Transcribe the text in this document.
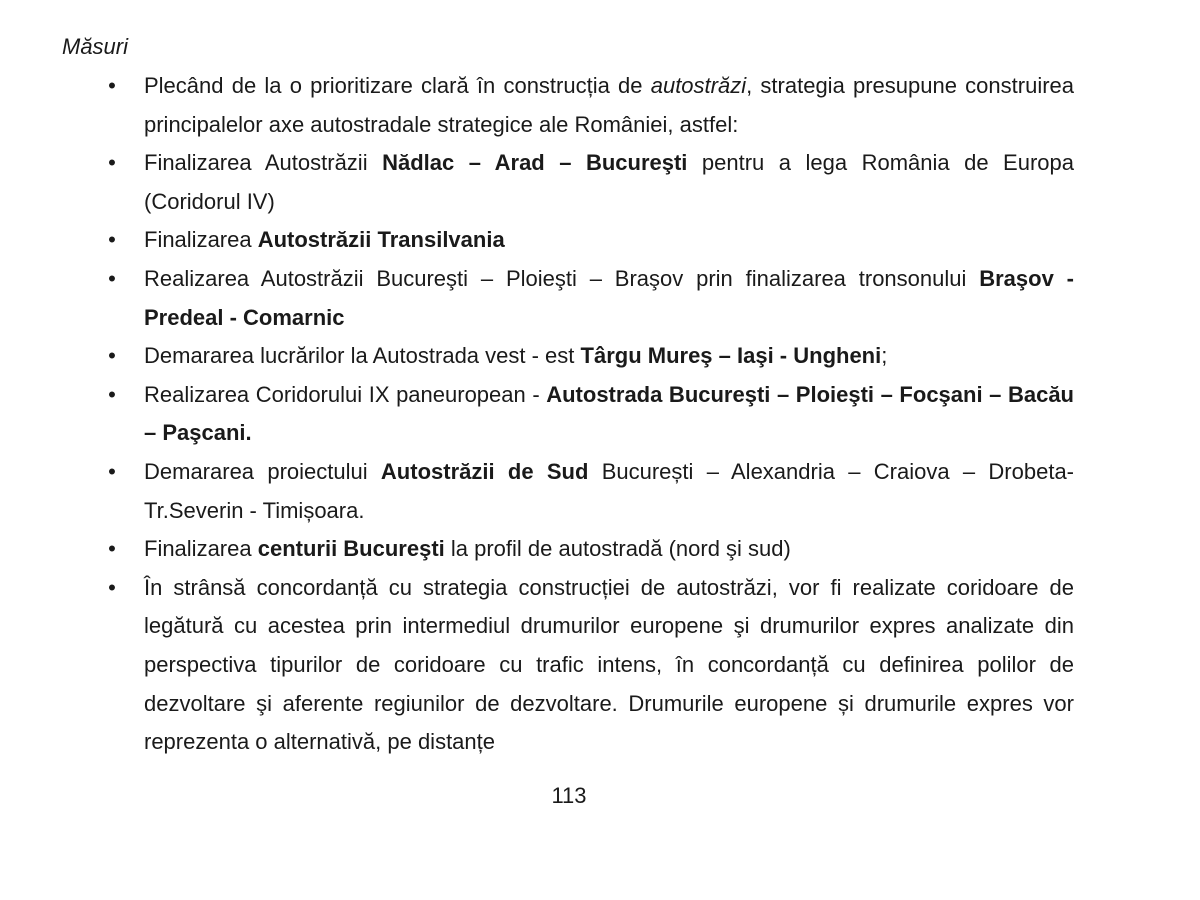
Măsuri

• Plecând de la o prioritizare clară în construcția de autostrăzi, strategia presupune construirea principalelor axe autostradale strategice ale României, astfel:
• Finalizarea Autostrăzii Nădlac – Arad – Bucureşti pentru a lega România de Europa (Coridorul IV)
• Finalizarea Autostrăzii Transilvania
• Realizarea Autostrăzii Bucureşti – Ploieşti – Braşov prin finalizarea tronsonului Braşov - Predeal - Comarnic
• Demararea lucrărilor la Autostrada vest - est Târgu Mureş – Iaşi - Ungheni;
• Realizarea Coridorului IX paneuropean - Autostrada Bucureşti – Ploieşti – Focşani – Bacău – Paşcani.
• Demararea proiectului Autostrăzii de Sud București – Alexandria – Craiova – Drobeta-Tr.Severin - Timișoara.
• Finalizarea centurii Bucureşti la profil de autostradă (nord şi sud)
• În strânsă concordanță cu strategia construcției de autostrăzi, vor fi realizate coridoare de legătură cu acestea prin intermediul drumurilor europene şi drumurilor expres analizate din perspectiva tipurilor de coridoare cu trafic intens, în concordanță cu definirea polilor de dezvoltare şi aferente regiunilor de dezvoltare. Drumurile europene și drumurile expres vor reprezenta o alternativă, pe distanțe
113
